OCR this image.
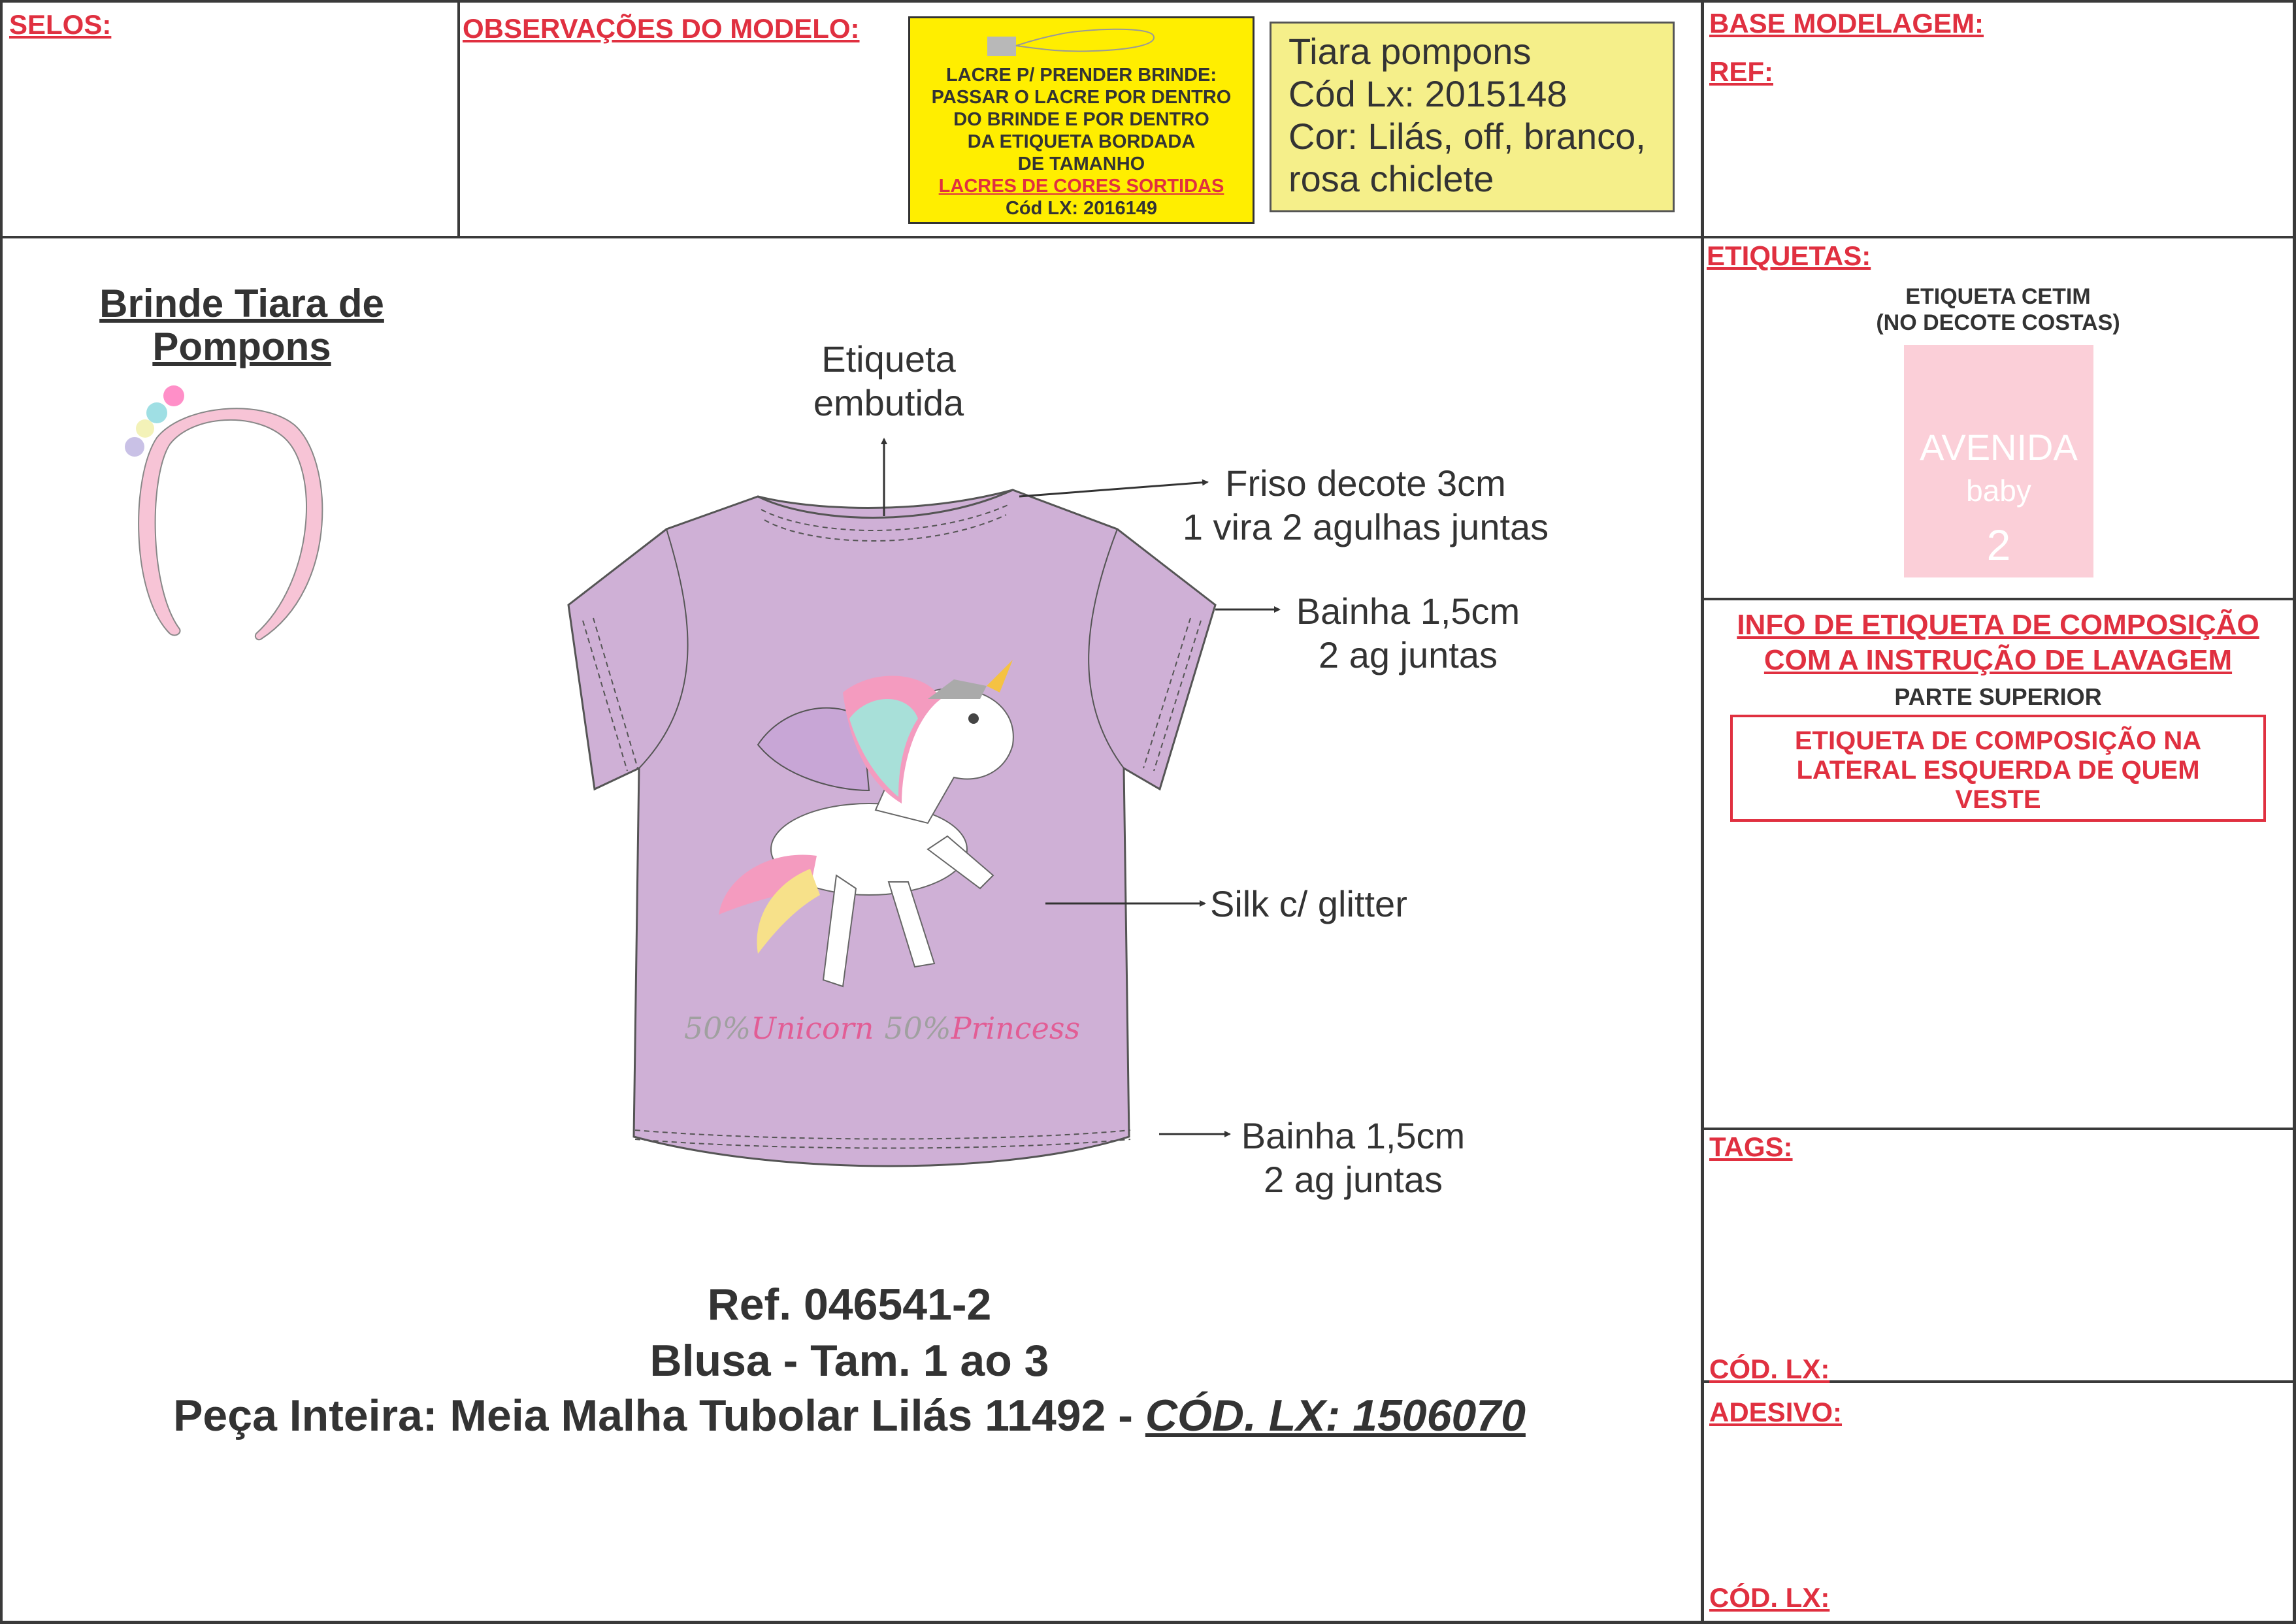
SELOS:	OBSERVAÇÕES DO MODELO:	BASE MODELAGEM:
REF:
ETIQUETAS:
TAGS:
CÓD. LX:
ADESIVO:
CÓD. LX:
LACRE P/ PRENDER BRINDE:
PASSAR O LACRE POR DENTRO
DO BRINDE E POR DENTRO
DA ETIQUETA BORDADA
DE TAMANHO
LACRES DE CORES SORTIDAS
Cód LX: 2016149
Tiara pompons
Cód Lx: 2015148
Cor: Lilás, off, branco,
rosa chiclete
Brinde Tiara de
Pompons
50%Unicorn 50%Princess
Etiqueta
embutida
Friso decote 3cm
1 vira 2 agulhas juntas
Bainha 1,5cm
2 ag juntas
Silk c/ glitter
Bainha 1,5cm
2 ag juntas
Ref. 046541-2
Blusa - Tam. 1 ao 3
Peça Inteira: Meia Malha Tubolar Lilás 11492 - CÓD. LX: 1506070
ETIQUETA CETIM
(NO DECOTE COSTAS)
AVENIDA
baby
2
INFO DE ETIQUETA DE COMPOSIÇÃO
COM A INSTRUÇÃO DE LAVAGEM
PARTE SUPERIOR
ETIQUETA DE COMPOSIÇÃO NA
LATERAL ESQUERDA DE QUEM
VESTE
